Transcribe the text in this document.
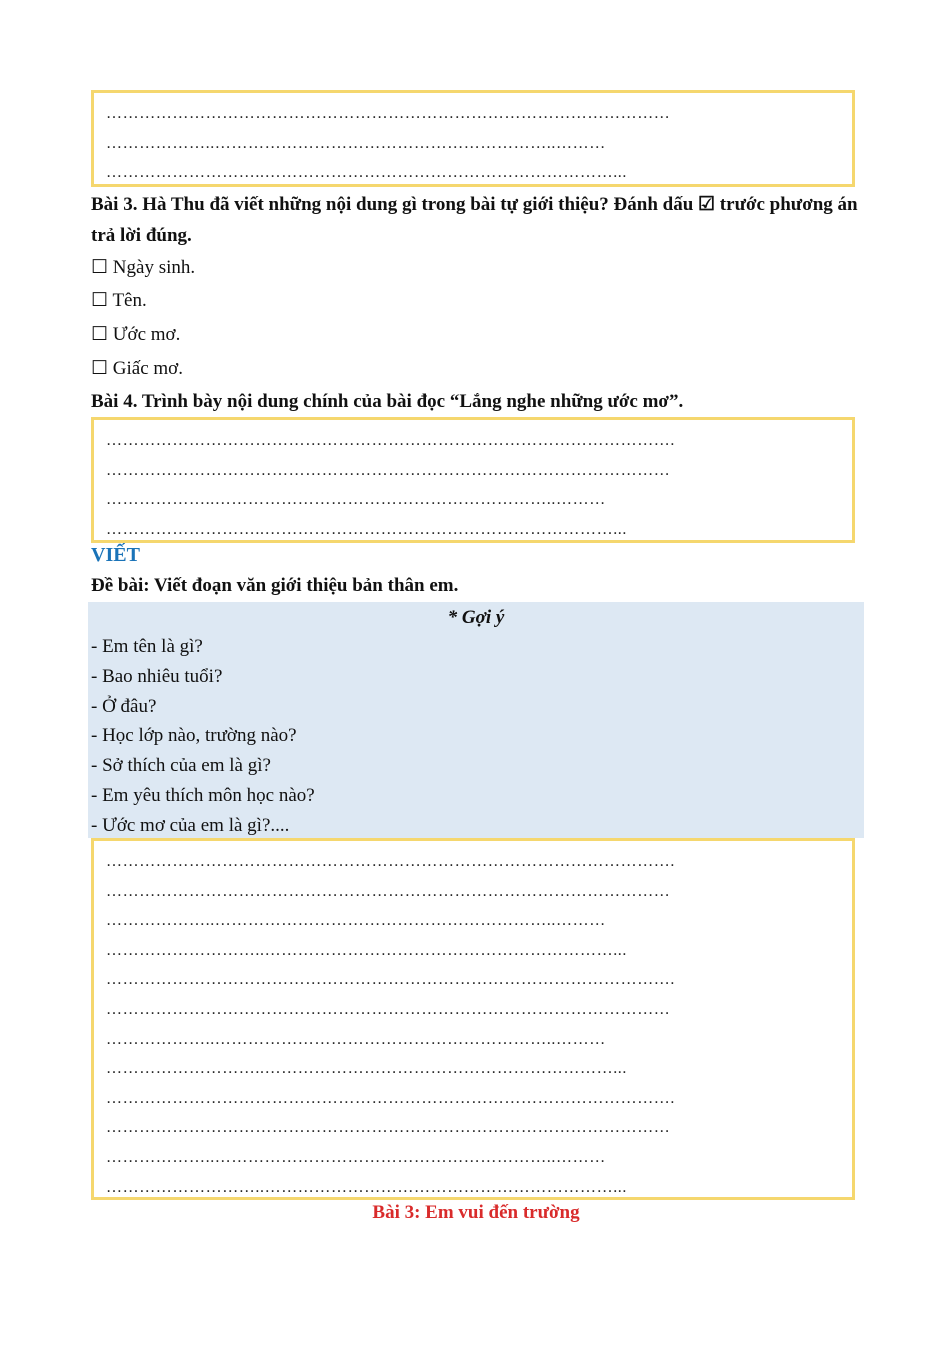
…………………………………………………………………………………………
………………..……………………………………………………..………
………………………..………………………………………………………...
Bài 3. Hà Thu đã viết những nội dung gì trong bài tự giới thiệu? Đánh dấu ☑ trước phương án trả lời đúng.
☐ Ngày sinh.
☐ Tên.
☐ Ước mơ.
☐ Giấc mơ.
Bài 4. Trình bày nội dung chính của bài đọc “Lắng nghe những ước mơ”.
………………………………………………………………………………………….
…………………………………………………………………………………………
………………..……………………………………………………..………
………………………..………………………………………………………...
VIẾT
Đề bài: Viết đoạn văn giới thiệu bản thân em.
* Gợi ý
- Em tên là gì?
- Bao nhiêu tuổi?
- Ở đâu?
- Học lớp nào, trường nào?
- Sở thích của em là gì?
- Em yêu thích môn học nào?
- Ước mơ của em là gì?....
………………………………………………………………………………………….
…………………………………………………………………………………………
………………..……………………………………………………..………
………………………..………………………………………………………...
………………………………………………………………………………………….
…………………………………………………………………………………………
………………..……………………………………………………..………
………………………..………………………………………………………...
………………………………………………………………………………………….
…………………………………………………………………………………………
………………..……………………………………………………..………
………………………..………………………………………………………...
Bài 3: Em vui đến trường
